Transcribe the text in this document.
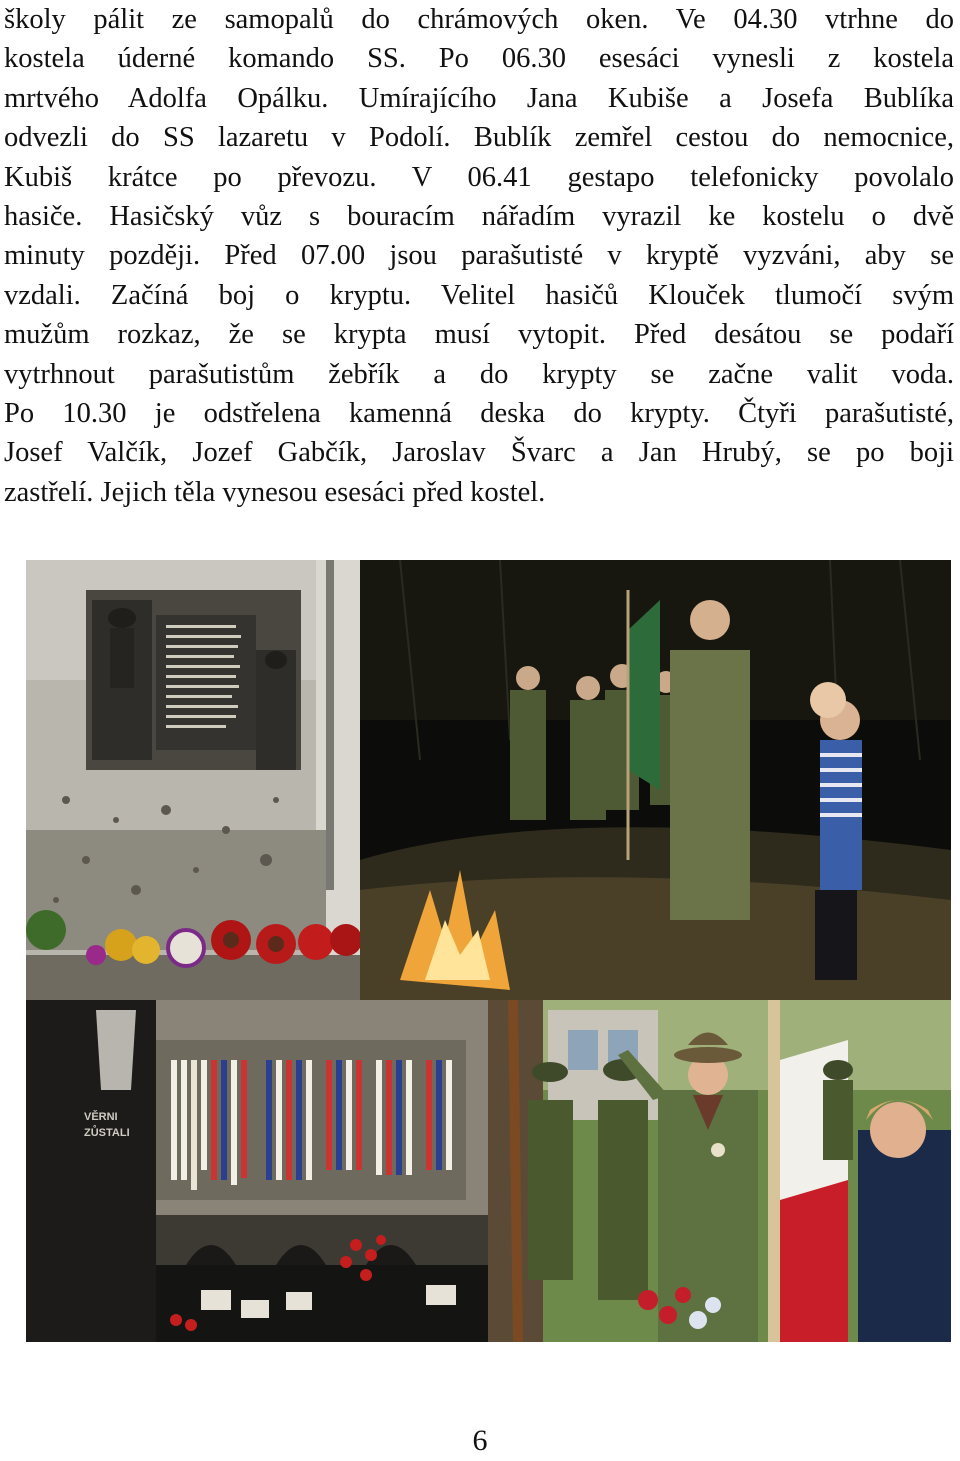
školy pálit ze samopalů do chrámových oken. Ve 04.30 vtrhne do
kostela úderné komando SS. Po 06.30 esesáci vynesli z kostela
mrtvého Adolfa Opálku. Umírajícího Jana Kubiše a Josefa Bublíka
odvezli do SS lazaretu v Podolí. Bublík zemřel cestou do nemocnice,
Kubiš krátce po převozu. V 06.41 gestapo telefonicky povolalo
hasiče. Hasičský vůz s bouracím nářadím vyrazil ke kostelu o dvě
minuty později. Před 07.00 jsou parašutisté v kryptě vyzváni, aby se
vzdali. Začíná boj o kryptu. Velitel hasičů Klouček tlumočí svým
mužům rozkaz, že se krypta musí vytopit. Před desátou se podaří
vytrhnout parašutistům žebřík a do krypty se začne valit voda.
Po 10.30 je odstřelena kamenná deska do krypty. Čtyři parašutisté,
Josef Valčík, Jozef Gabčík, Jaroslav Švarc a Jan Hrubý, se po boji
zastřelí. Jejich těla vynesou esesáci před kostel.
VĚRNI
ZŮSTALI
6
